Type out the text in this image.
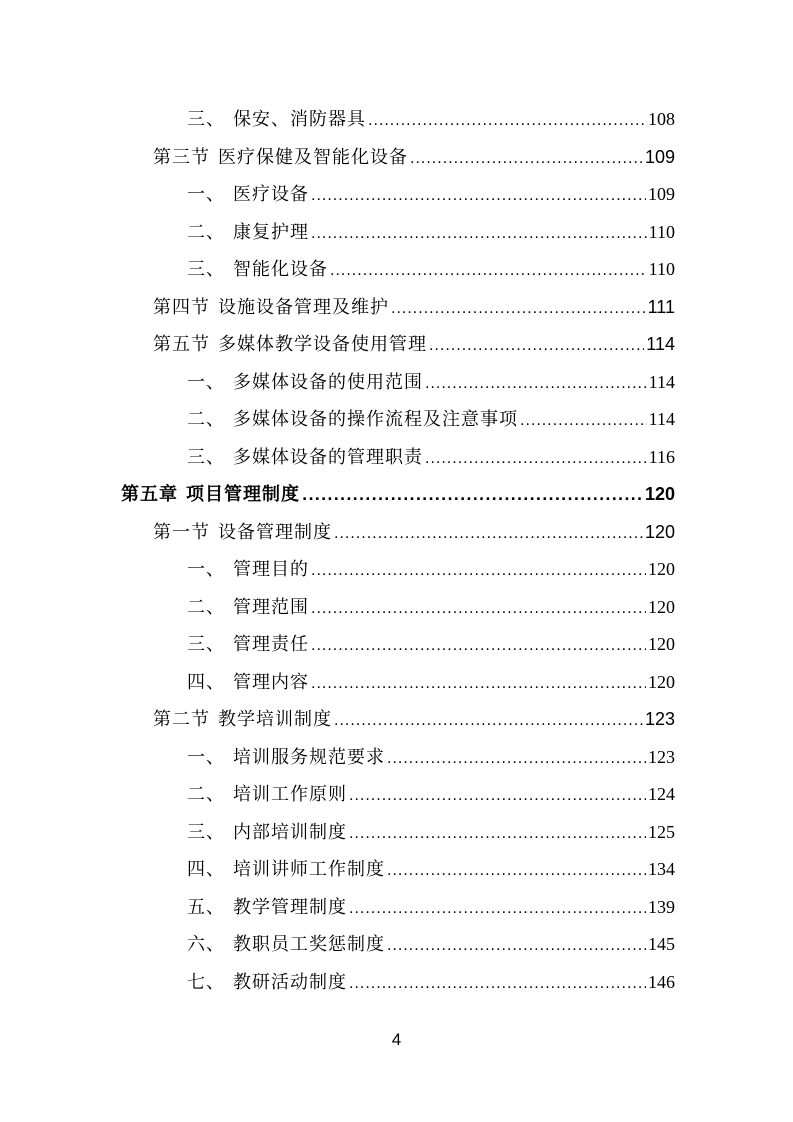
三、 保安、消防器具 .....	108
第三节 医疗保健及智能化设备 .....	109
一、 医疗设备 .....	109
二、 康复护理 .....	110
三、 智能化设备 .....	110
第四节 设施设备管理及维护 .....	111
第五节 多媒体教学设备使用管理 .....	114
一、 多媒体设备的使用范围 .....	114
二、 多媒体设备的操作流程及注意事项 .....	114
三、 多媒体设备的管理职责 .....	116
第五章 项目管理制度 .....	120
第一节 设备管理制度 .....	120
一、 管理目的 .....	120
二、 管理范围 .....	120
三、 管理责任 .....	120
四、 管理内容 .....	120
第二节 教学培训制度 .....	123
一、 培训服务规范要求 .....	123
二、 培训工作原则 .....	124
三、 内部培训制度 .....	125
四、 培训讲师工作制度 .....	134
五、 教学管理制度 .....	139
六、 教职员工奖惩制度 .....	145
七、 教研活动制度 .....	146
4
